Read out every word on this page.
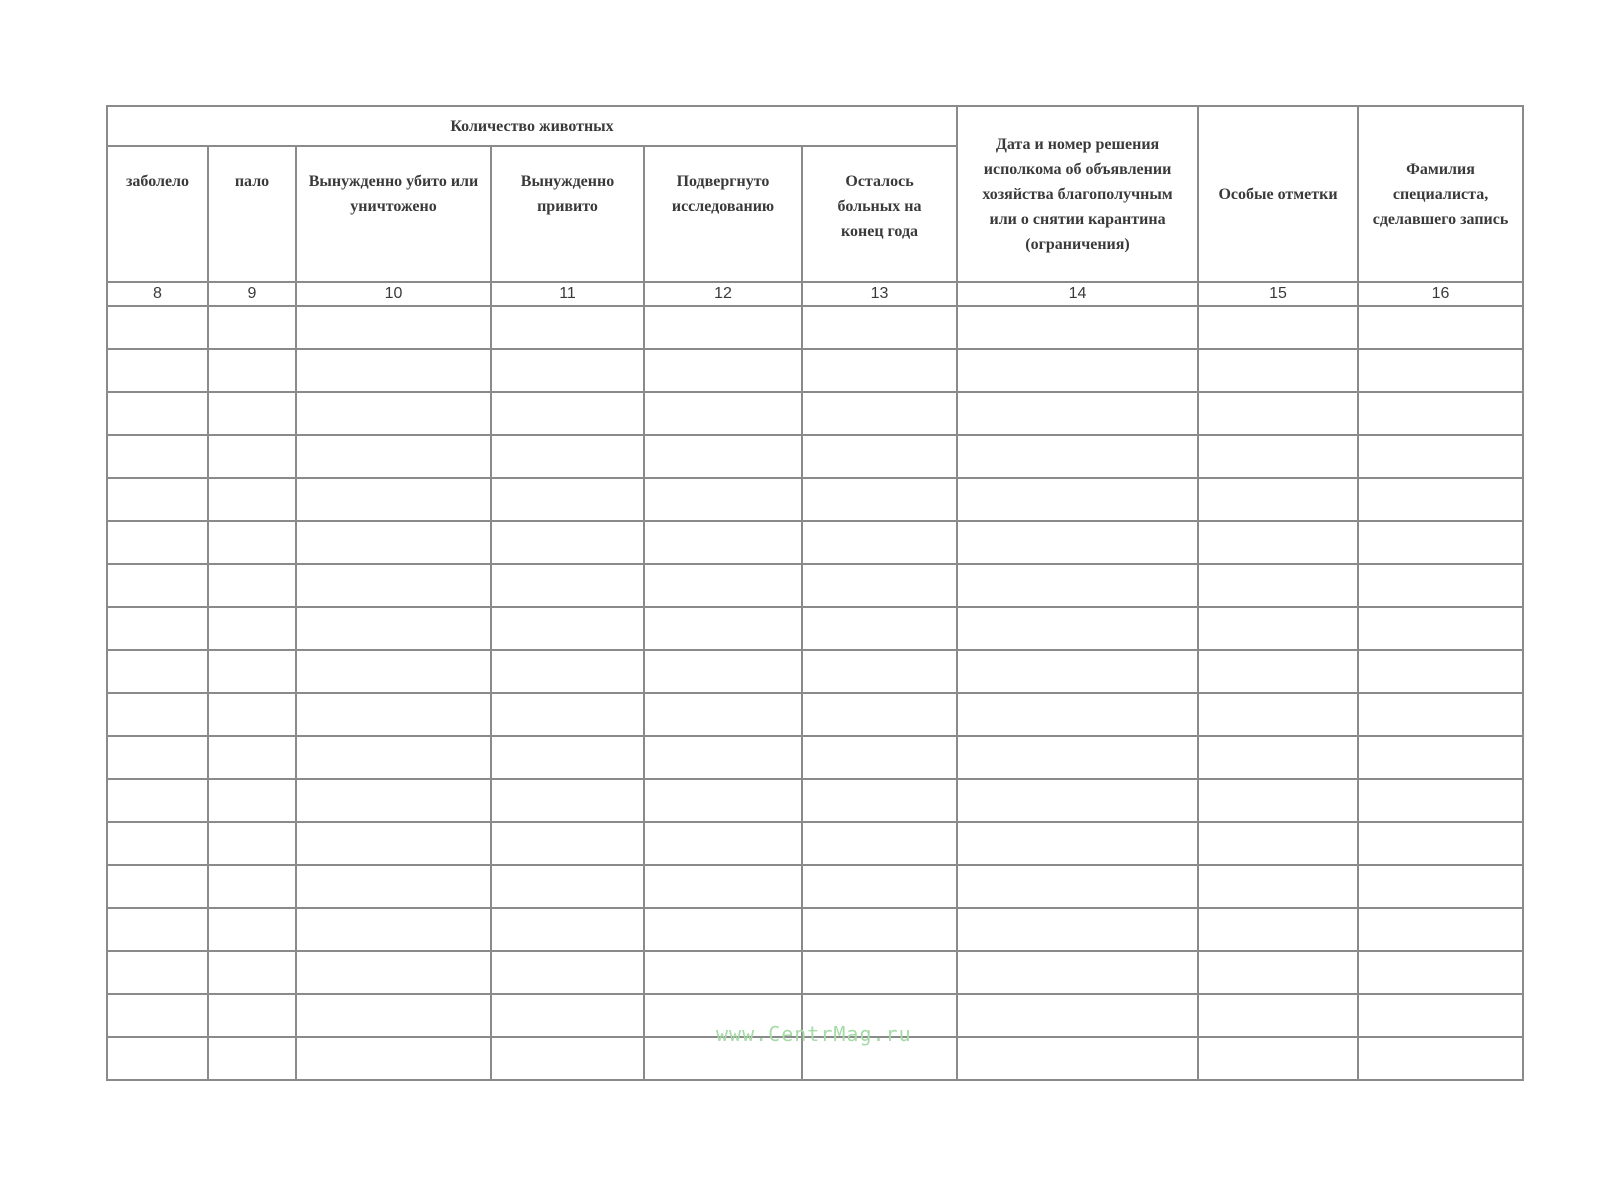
Количество животных						Дата и номер решения исполкома об объявлении хозяйства благополучным или о снятии карантина (ограничения)	Особые отметки	Фамилия специалиста, сделавшего запись
заболело	пало	Вынужденно убито или уничтожено	Вынужденно привито	Подвергнуто исследованию	Осталось больных на конец года			
8	9	10	11	12	13	14	15	16

www.CentrMag.ru
